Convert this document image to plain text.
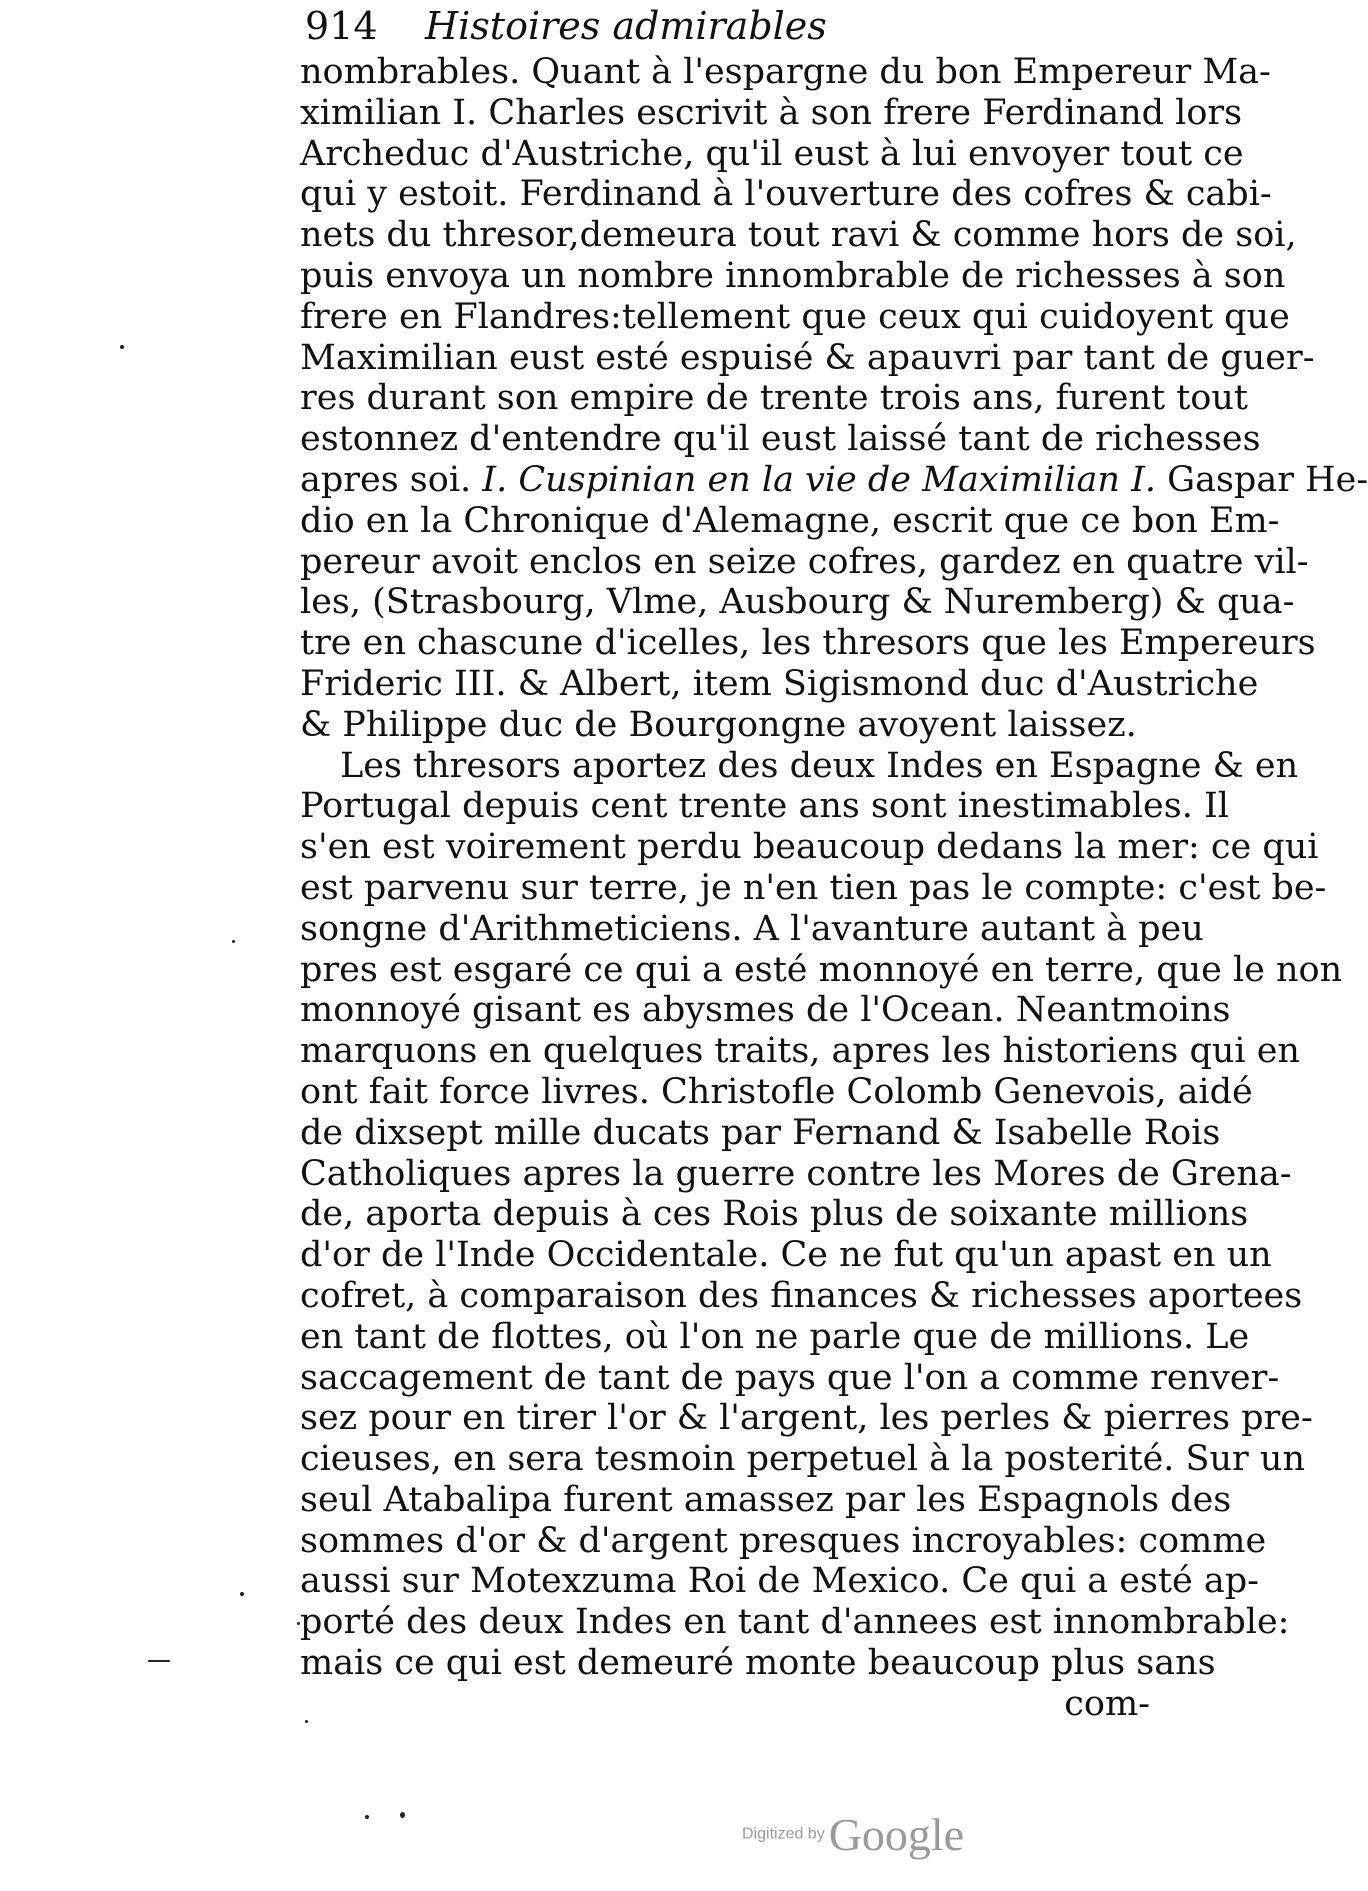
914 Histoires admirables
nombrables. Quant à l'espargne du bon Empereur Ma-
ximilian I. Charles escrivit à son frere Ferdinand lors
Archeduc d'Austriche, qu'il eust à lui envoyer tout ce
qui y estoit. Ferdinand à l'ouverture des cofres & cabi-
nets du thresor,demeura tout ravi & comme hors de soi,
puis envoya un nombre innombrable de richesses à son
frere en Flandres:tellement que ceux qui cuidoyent que
Maximilian eust esté espuisé & apauvri par tant de guer-
res durant son empire de trente trois ans, furent tout
estonnez d'entendre qu'il eust laissé tant de richesses
apres soi. I. Cuspinian en la vie de Maximilian I. Gaspar He-
dio en la Chronique d'Alemagne, escrit que ce bon Em-
pereur avoit enclos en seize cofres, gardez en quatre vil-
les, (Strasbourg, Vlme, Ausbourg & Nuremberg) & qua-
tre en chascune d'icelles, les thresors que les Empereurs
Frideric III. & Albert, item Sigismond duc d'Austriche
& Philippe duc de Bourgongne avoyent laissez.
Les thresors aportez des deux Indes en Espagne & en
Portugal depuis cent trente ans sont inestimables. Il
s'en est voirement perdu beaucoup dedans la mer: ce qui
est parvenu sur terre, je n'en tien pas le compte: c'est be-
songne d'Arithmeticiens. A l'avanture autant à peu
pres est esgaré ce qui a esté monnoyé en terre, que le non
monnoyé gisant es abysmes de l'Ocean. Neantmoins
marquons en quelques traits, apres les historiens qui en
ont fait force livres. Christofle Colomb Genevois, aidé
de dixsept mille ducats par Fernand & Isabelle Rois
Catholiques apres la guerre contre les Mores de Grena-
de, aporta depuis à ces Rois plus de soixante millions
d'or de l'Inde Occidentale. Ce ne fut qu'un apast en un
cofret, à comparaison des finances & richesses aportees
en tant de flottes, où l'on ne parle que de millions. Le
saccagement de tant de pays que l'on a comme renver-
sez pour en tirer l'or & l'argent, les perles & pierres pre-
cieuses, en sera tesmoin perpetuel à la posterité. Sur un
seul Atabalipa furent amassez par les Espagnols des
sommes d'or & d'argent presques incroyables: comme
aussi sur Motexzuma Roi de Mexico. Ce qui a esté ap-
porté des deux Indes en tant d'annees est innombrable:
mais ce qui est demeuré monte beaucoup plus sans
com-
Digitized byGoogle
